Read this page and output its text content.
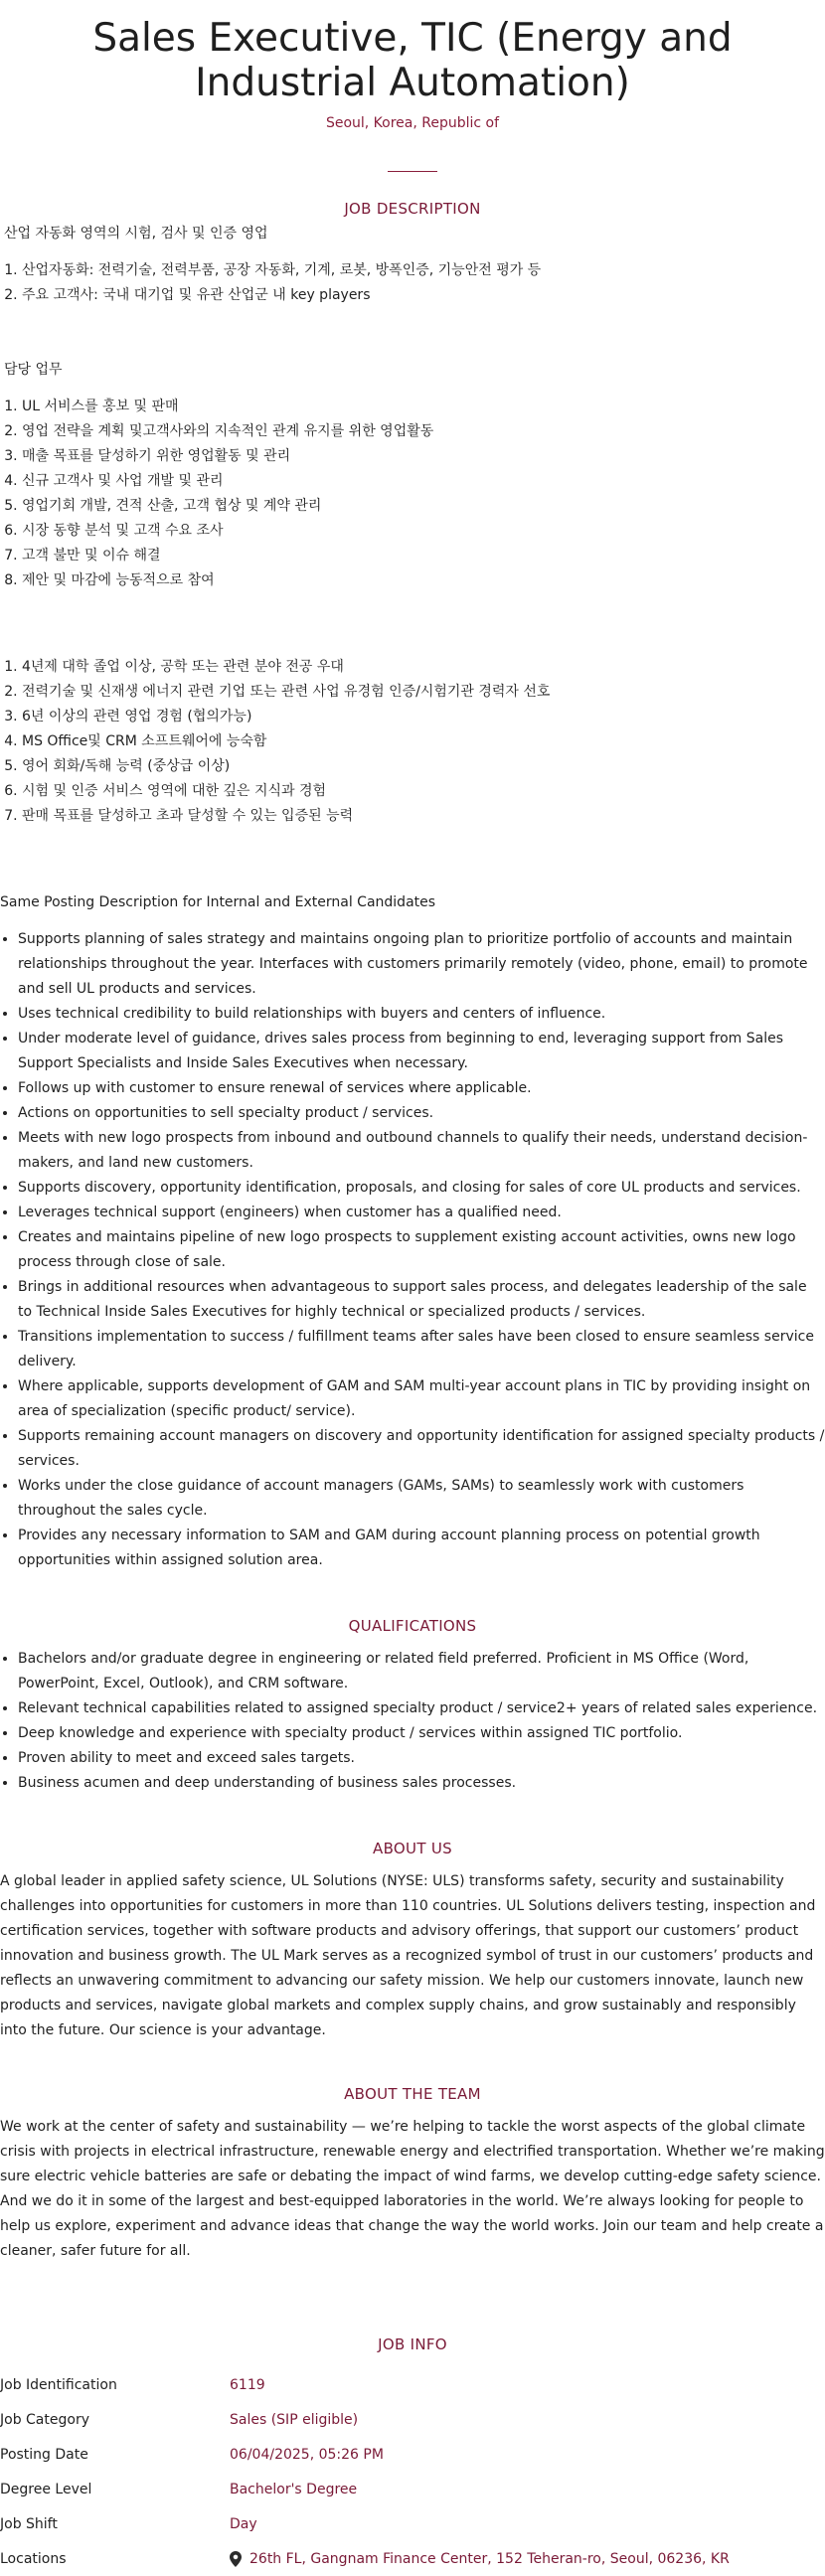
Sales Executive, TIC (Energy and Industrial Automation)
Seoul, Korea, Republic of
JOB DESCRIPTION

산업 자동화 영역의 시험, 검사 및 인증 영업

1. 산업자동화: 전력기술, 전력부품, 공장 자동화, 기계, 로봇, 방폭인증, 기능안전 평가 등
2. 주요 고객사: 국내 대기업 및 유관 산업군 내 key players

담당 업무

1. UL 서비스를 홍보 및 판매
2. 영업 전략을 계획 및고객사와의 지속적인 관계 유지를 위한 영업활동
3. 매출 목표를 달성하기 위한 영업활동 및 관리
4. 신규 고객사 및 사업 개발 및 관리
5. 영업기회 개발, 견적 산출, 고객 협상 및 계약 관리
6. 시장 동향 분석 및 고객 수요 조사
7. 고객 불만 및 이슈 해결
8. 제안 및 마감에 능동적으로 참여
1. 4년제 대학 졸업 이상, 공학 또는 관련 분야 전공 우대
2. 전력기술 및 신재생 에너지 관련 기업 또는 관련 사업 유경험 인증/시험기관 경력자 선호
3. 6년 이상의 관련 영업 경험 (협의가능)
4. MS Office및 CRM 소프트웨어에 능숙함
5. 영어 회화/독해 능력 (중상급 이상)
6. 시험 및 인증 서비스 영역에 대한 깊은 지식과 경험
7. 판매 목표를 달성하고 초과 달성할 수 있는 입증된 능력

Same Posting Description for Internal and External Candidates

• Supports planning of sales strategy and maintains ongoing plan to prioritize portfolio of accounts and maintain relationships throughout the year. Interfaces with customers primarily remotely (video, phone, email) to promote and sell UL products and services.
• Uses technical credibility to build relationships with buyers and centers of influence.
• Under moderate level of guidance, drives sales process from beginning to end, leveraging support from Sales Support Specialists and Inside Sales Executives when necessary.
• Follows up with customer to ensure renewal of services where applicable.
• Actions on opportunities to sell specialty product / services.
• Meets with new logo prospects from inbound and outbound channels to qualify their needs, understand decision-makers, and land new customers.
• Supports discovery, opportunity identification, proposals, and closing for sales of core UL products and services.
• Leverages technical support (engineers) when customer has a qualified need.
• Creates and maintains pipeline of new logo prospects to supplement existing account activities, owns new logo process through close of sale.
• Brings in additional resources when advantageous to support sales process, and delegates leadership of the sale to Technical Inside Sales Executives for highly technical or specialized products / services.
• Transitions implementation to success / fulfillment teams after sales have been closed to ensure seamless service delivery.
• Where applicable, supports development of GAM and SAM multi-year account plans in TIC by providing insight on area of specialization (specific product/ service).
• Supports remaining account managers on discovery and opportunity identification for assigned specialty products / services.
• Works under the close guidance of account managers (GAMs, SAMs) to seamlessly work with customers throughout the sales cycle.
• Provides any necessary information to SAM and GAM during account planning process on potential growth opportunities within assigned solution area.
QUALIFICATIONS
• Bachelors and/or graduate degree in engineering or related field preferred. Proficient in MS Office (Word, PowerPoint, Excel, Outlook), and CRM software.
• Relevant technical capabilities related to assigned specialty product / service2+ years of related sales experience.
• Deep knowledge and experience with specialty product / services within assigned TIC portfolio.
• Proven ability to meet and exceed sales targets.
• Business acumen and deep understanding of business sales processes.
ABOUT US

A global leader in applied safety science, UL Solutions (NYSE: ULS) transforms safety, security and sustainability challenges into opportunities for customers in more than 110 countries. UL Solutions delivers testing, inspection and certification services, together with software products and advisory offerings, that support our customers’ product innovation and business growth. The UL Mark serves as a recognized symbol of trust in our customers’ products and reflects an unwavering commitment to advancing our safety mission. We help our customers innovate, launch new products and services, navigate global markets and complex supply chains, and grow sustainably and responsibly into the future. Our science is your advantage.

ABOUT THE TEAM

We work at the center of safety and sustainability — we’re helping to tackle the worst aspects of the global climate crisis with projects in electrical infrastructure, renewable energy and electrified transportation. Whether we’re making sure electric vehicle batteries are safe or debating the impact of wind farms, we develop cutting-edge safety science. And we do it in some of the largest and best-equipped laboratories in the world. We’re always looking for people to help us explore, experiment and advance ideas that change the way the world works. Join our team and help create a cleaner, safer future for all.

JOB INFO
Job Identification	6119
Job Category	Sales (SIP eligible)
Posting Date	06/04/2025, 05:26 PM
Degree Level	Bachelor's Degree
Job Shift	Day
Locations	26th FL, Gangnam Finance Center, 152 Teheran-ro, Seoul, 06236, KR
